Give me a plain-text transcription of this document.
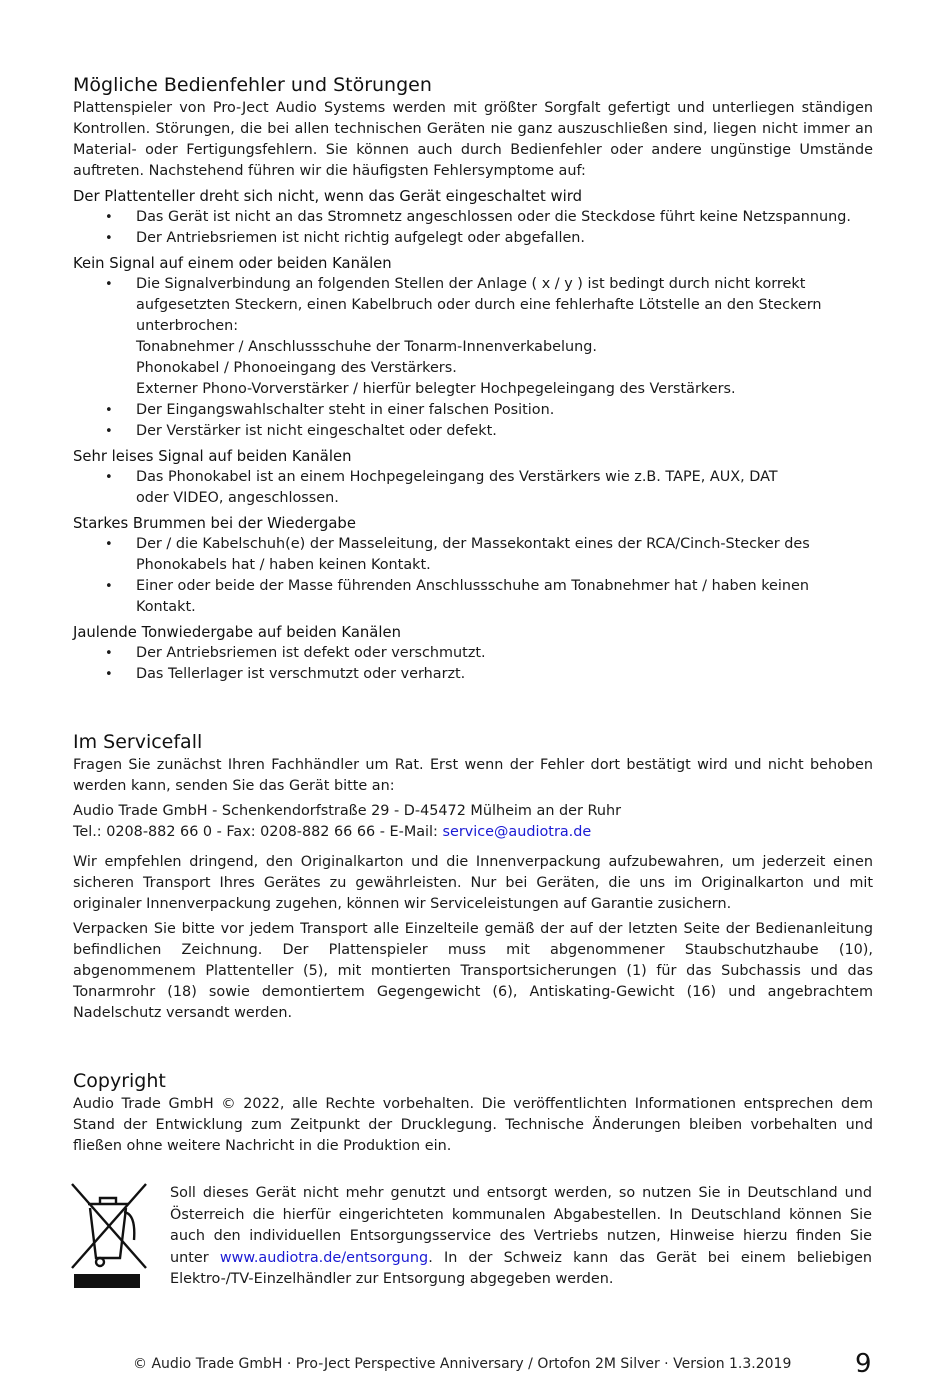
Mögliche Bedienfehler und Störungen

Plattenspieler von Pro-Ject Audio Systems werden mit größter Sorgfalt gefertigt und unterliegen ständigen Kontrollen. Störungen, die bei allen technischen Geräten nie ganz auszuschließen sind, liegen nicht immer an Material- oder Fertigungsfehlern. Sie können auch durch Bedienfehler oder andere ungünstige Umstände auftreten. Nachstehend führen wir die häufigsten Fehlersymptome auf:

Der Plattenteller dreht sich nicht, wenn das Gerät eingeschaltet wird
• Das Gerät ist nicht an das Stromnetz angeschlossen oder die Steckdose führt keine Netzspannung.
• Der Antriebsriemen ist nicht richtig aufgelegt oder abgefallen.
Kein Signal auf einem oder beiden Kanälen
• Die Signalverbindung an folgenden Stellen der Anlage ( x / y ) ist bedingt durch nicht korrekt
aufgesetzten Steckern, einen Kabelbruch oder durch eine fehlerhafte Lötstelle an den Steckern
unterbrochen:
Tonabnehmer / Anschlussschuhe der Tonarm-Innenverkabelung.
Phonokabel / Phonoeingang des Verstärkers.
Externer Phono-Vorverstärker / hierfür belegter Hochpegeleingang des Verstärkers.
• Der Eingangswahlschalter steht in einer falschen Position.
• Der Verstärker ist nicht eingeschaltet oder defekt.
Sehr leises Signal auf beiden Kanälen
• Das Phonokabel ist an einem Hochpegeleingang des Verstärkers wie z.B. TAPE, AUX, DAT
oder VIDEO, angeschlossen.
Starkes Brummen bei der Wiedergabe
• Der / die Kabelschuh(e) der Masseleitung, der Massekontakt eines der RCA/Cinch-Stecker des
Phonokabels hat / haben keinen Kontakt.
• Einer oder beide der Masse führenden Anschlussschuhe am Tonabnehmer hat / haben keinen Kontakt.
Jaulende Tonwiedergabe auf beiden Kanälen
• Der Antriebsriemen ist defekt oder verschmutzt.
• Das Tellerlager ist verschmutzt oder verharzt.
Im Servicefall

Fragen Sie zunächst Ihren Fachhändler um Rat. Erst wenn der Fehler dort bestätigt wird und nicht behoben werden kann, senden Sie das Gerät bitte an:

Audio Trade GmbH - Schenkendorfstraße 29 - D-45472 Mülheim an der Ruhr

Tel.: 0208-882 66 0 - Fax: 0208-882 66 66 - E-Mail: service@audiotra.de

Wir empfehlen dringend, den Originalkarton und die Innenverpackung aufzubewahren, um jederzeit einen sicheren Transport Ihres Gerätes zu gewährleisten. Nur bei Geräten, die uns im Originalkarton und mit originaler Innenverpackung zugehen, können wir Serviceleistungen auf Garantie zusichern.

Verpacken Sie bitte vor jedem Transport alle Einzelteile gemäß der auf der letzten Seite der Bedienanleitung befindlichen Zeichnung. Der Plattenspieler muss mit abgenommener Staubschutzhaube (10), abgenommenem Plattenteller (5), mit montierten Transportsicherungen (1) für das Subchassis und das Tonarmrohr (18) sowie demontiertem Gegengewicht (6), Antiskating-Gewicht (16) und angebrachtem Nadelschutz versandt werden.

Copyright

Audio Trade GmbH © 2022, alle Rechte vorbehalten. Die veröffentlichten Informationen entsprechen dem Stand der Entwicklung zum Zeitpunkt der Drucklegung. Technische Änderungen bleiben vorbehalten und fließen ohne weitere Nachricht in die Produktion ein.

Soll dieses Gerät nicht mehr genutzt und entsorgt werden, so nutzen Sie in Deutschland und Österreich die hierfür eingerichteten kommunalen Abgabestellen. In Deutschland können Sie auch den individuellen Entsorgungsservice des Vertriebs nutzen, Hinweise hierzu finden Sie unter www.audiotra.de/entsorgung. In der Schweiz kann das Gerät bei einem beliebigen Elektro-/TV-Einzelhändler zur Entsorgung abgegeben werden.

© Audio Trade GmbH · Pro-Ject Perspective Anniversary / Ortofon 2M Silver · Version 1.3.2019 9
